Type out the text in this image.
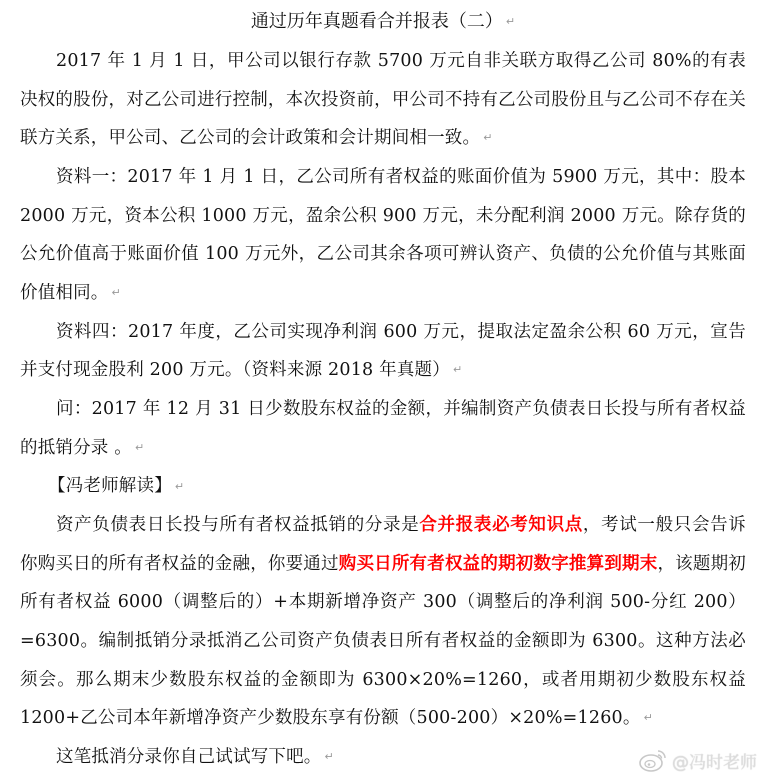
通过历年真题看合并报表（二） ↵

2017 年 1 月 1 日，甲公司以银行存款 5700 万元自非关联方取得乙公司 80%的有表决权的股份，对乙公司进行控制，本次投资前，甲公司不持有乙公司股份且与乙公司不存在关联方关系，甲公司、乙公司的会计政策和会计期间相一致。 ↵

资料一：2017 年 1 月 1 日，乙公司所有者权益的账面价值为 5900 万元，其中：股本 2000 万元，资本公积 1000 万元，盈余公积 900 万元，未分配利润 2000 万元。除存货的公允价值高于账面价值 100 万元外，乙公司其余各项可辨认资产、负债的公允价值与其账面价值相同。 ↵

资料四：2017 年度，乙公司实现净利润 600 万元，提取法定盈余公积 60 万元，宣告并支付现金股利 200 万元。（资料来源 2018 年真题） ↵

问：2017 年 12 月 31 日少数股东权益的金额，并编制资产负债表日长投与所有者权益的抵销分录 。 ↵

【冯老师解读】 ↵

资产负债表日长投与所有者权益抵销的分录是合并报表必考知识点，考试一般只会告诉你购买日的所有者权益的金融，你要通过购买日所有者权益的期初数字推算到期末，该题期初所有者权益 6000（调整后的）+本期新增净资产 300（调整后的净利润 500-分红 200）=6300。编制抵销分录抵消乙公司资产负债表日所有者权益的金额即为 6300。这种方法必须会。那么期末少数股东权益的金额即为 6300×20%=1260，或者用期初少数股东权益 1200+乙公司本年新增净资产少数股东享有份额（500-200）×20%=1260。 ↵

这笔抵消分录你自己试试写下吧。 ↵	@冯时老师
